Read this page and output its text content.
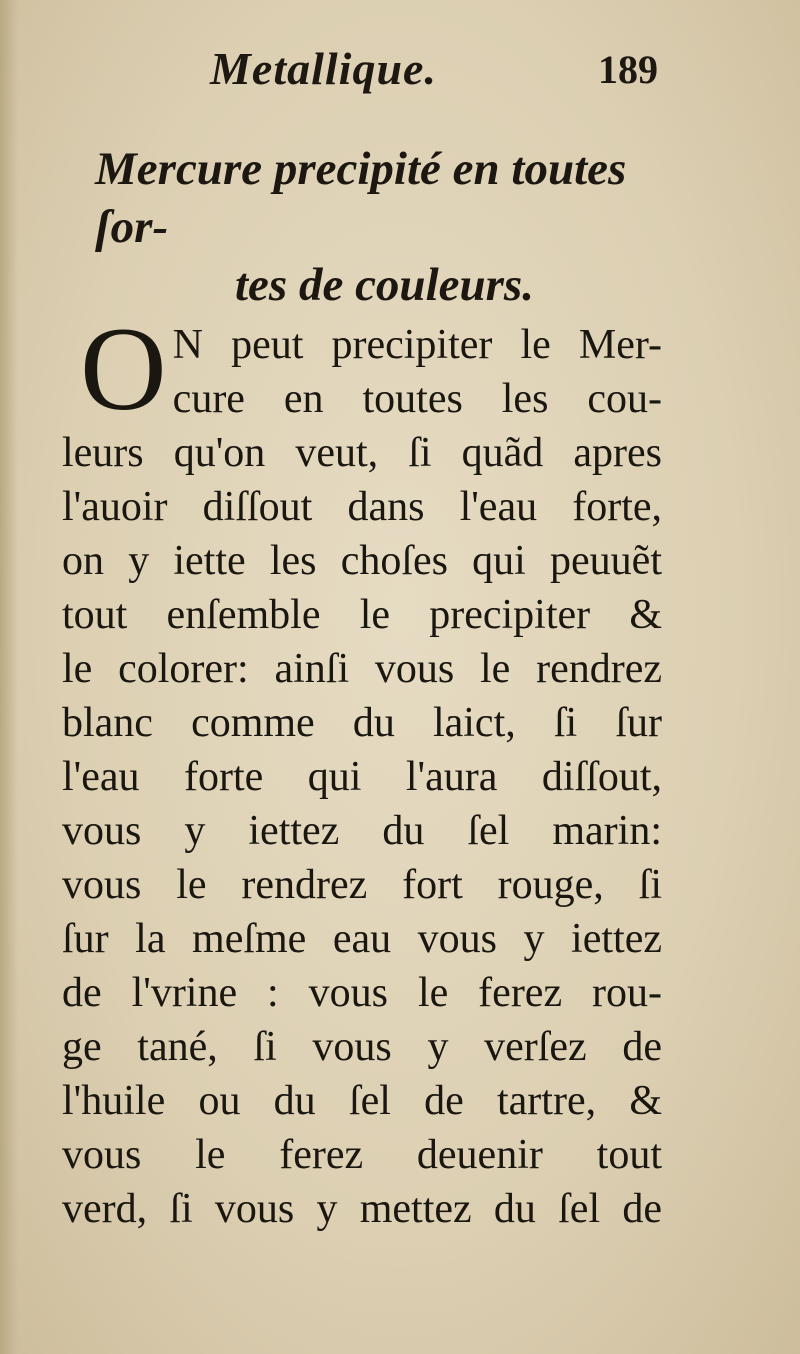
Metallique.	189
Mercure precipité en toutes ſor-
tes de couleurs.
O N peut precipiter le Mer-
cure en toutes les cou-
leurs qu'on veut, ſi quãd apres
l'auoir diſſout dans l'eau forte,
on y iette les choſes qui peuuẽt
tout enſemble le precipiter &
le colorer: ainſi vous le rendrez
blanc comme du laict, ſi ſur
l'eau forte qui l'aura diſſout,
vous y iettez du ſel marin:
vous le rendrez fort rouge, ſi
ſur la meſme eau vous y iettez
de l'vrine : vous le ferez rou-
ge tané, ſi vous y verſez de
l'huile ou du ſel de tartre, &
vous le ferez deuenir tout
verd, ſi vous y mettez du ſel de
